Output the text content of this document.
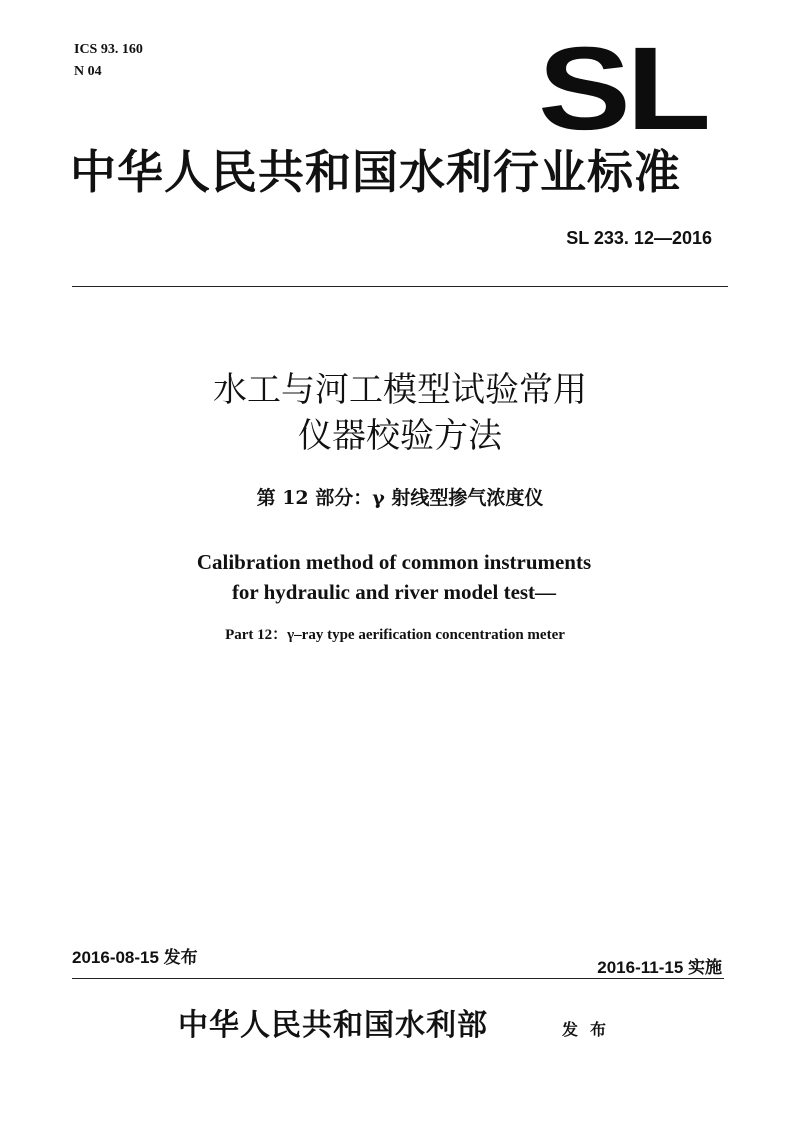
ICS 93. 160
N 04	SL
中华人民共和国水利行业标准
SL 233. 12—2016
水工与河工模型试验常用
仪器校验方法
第 12 部分：γ 射线型掺气浓度仪
Calibration method of common instruments
for hydraulic and river model test—
Part 12：γ–ray type aerification concentration meter
2016-08-15 发布
2016-11-15 实施
中华人民共和国水利部	发布
